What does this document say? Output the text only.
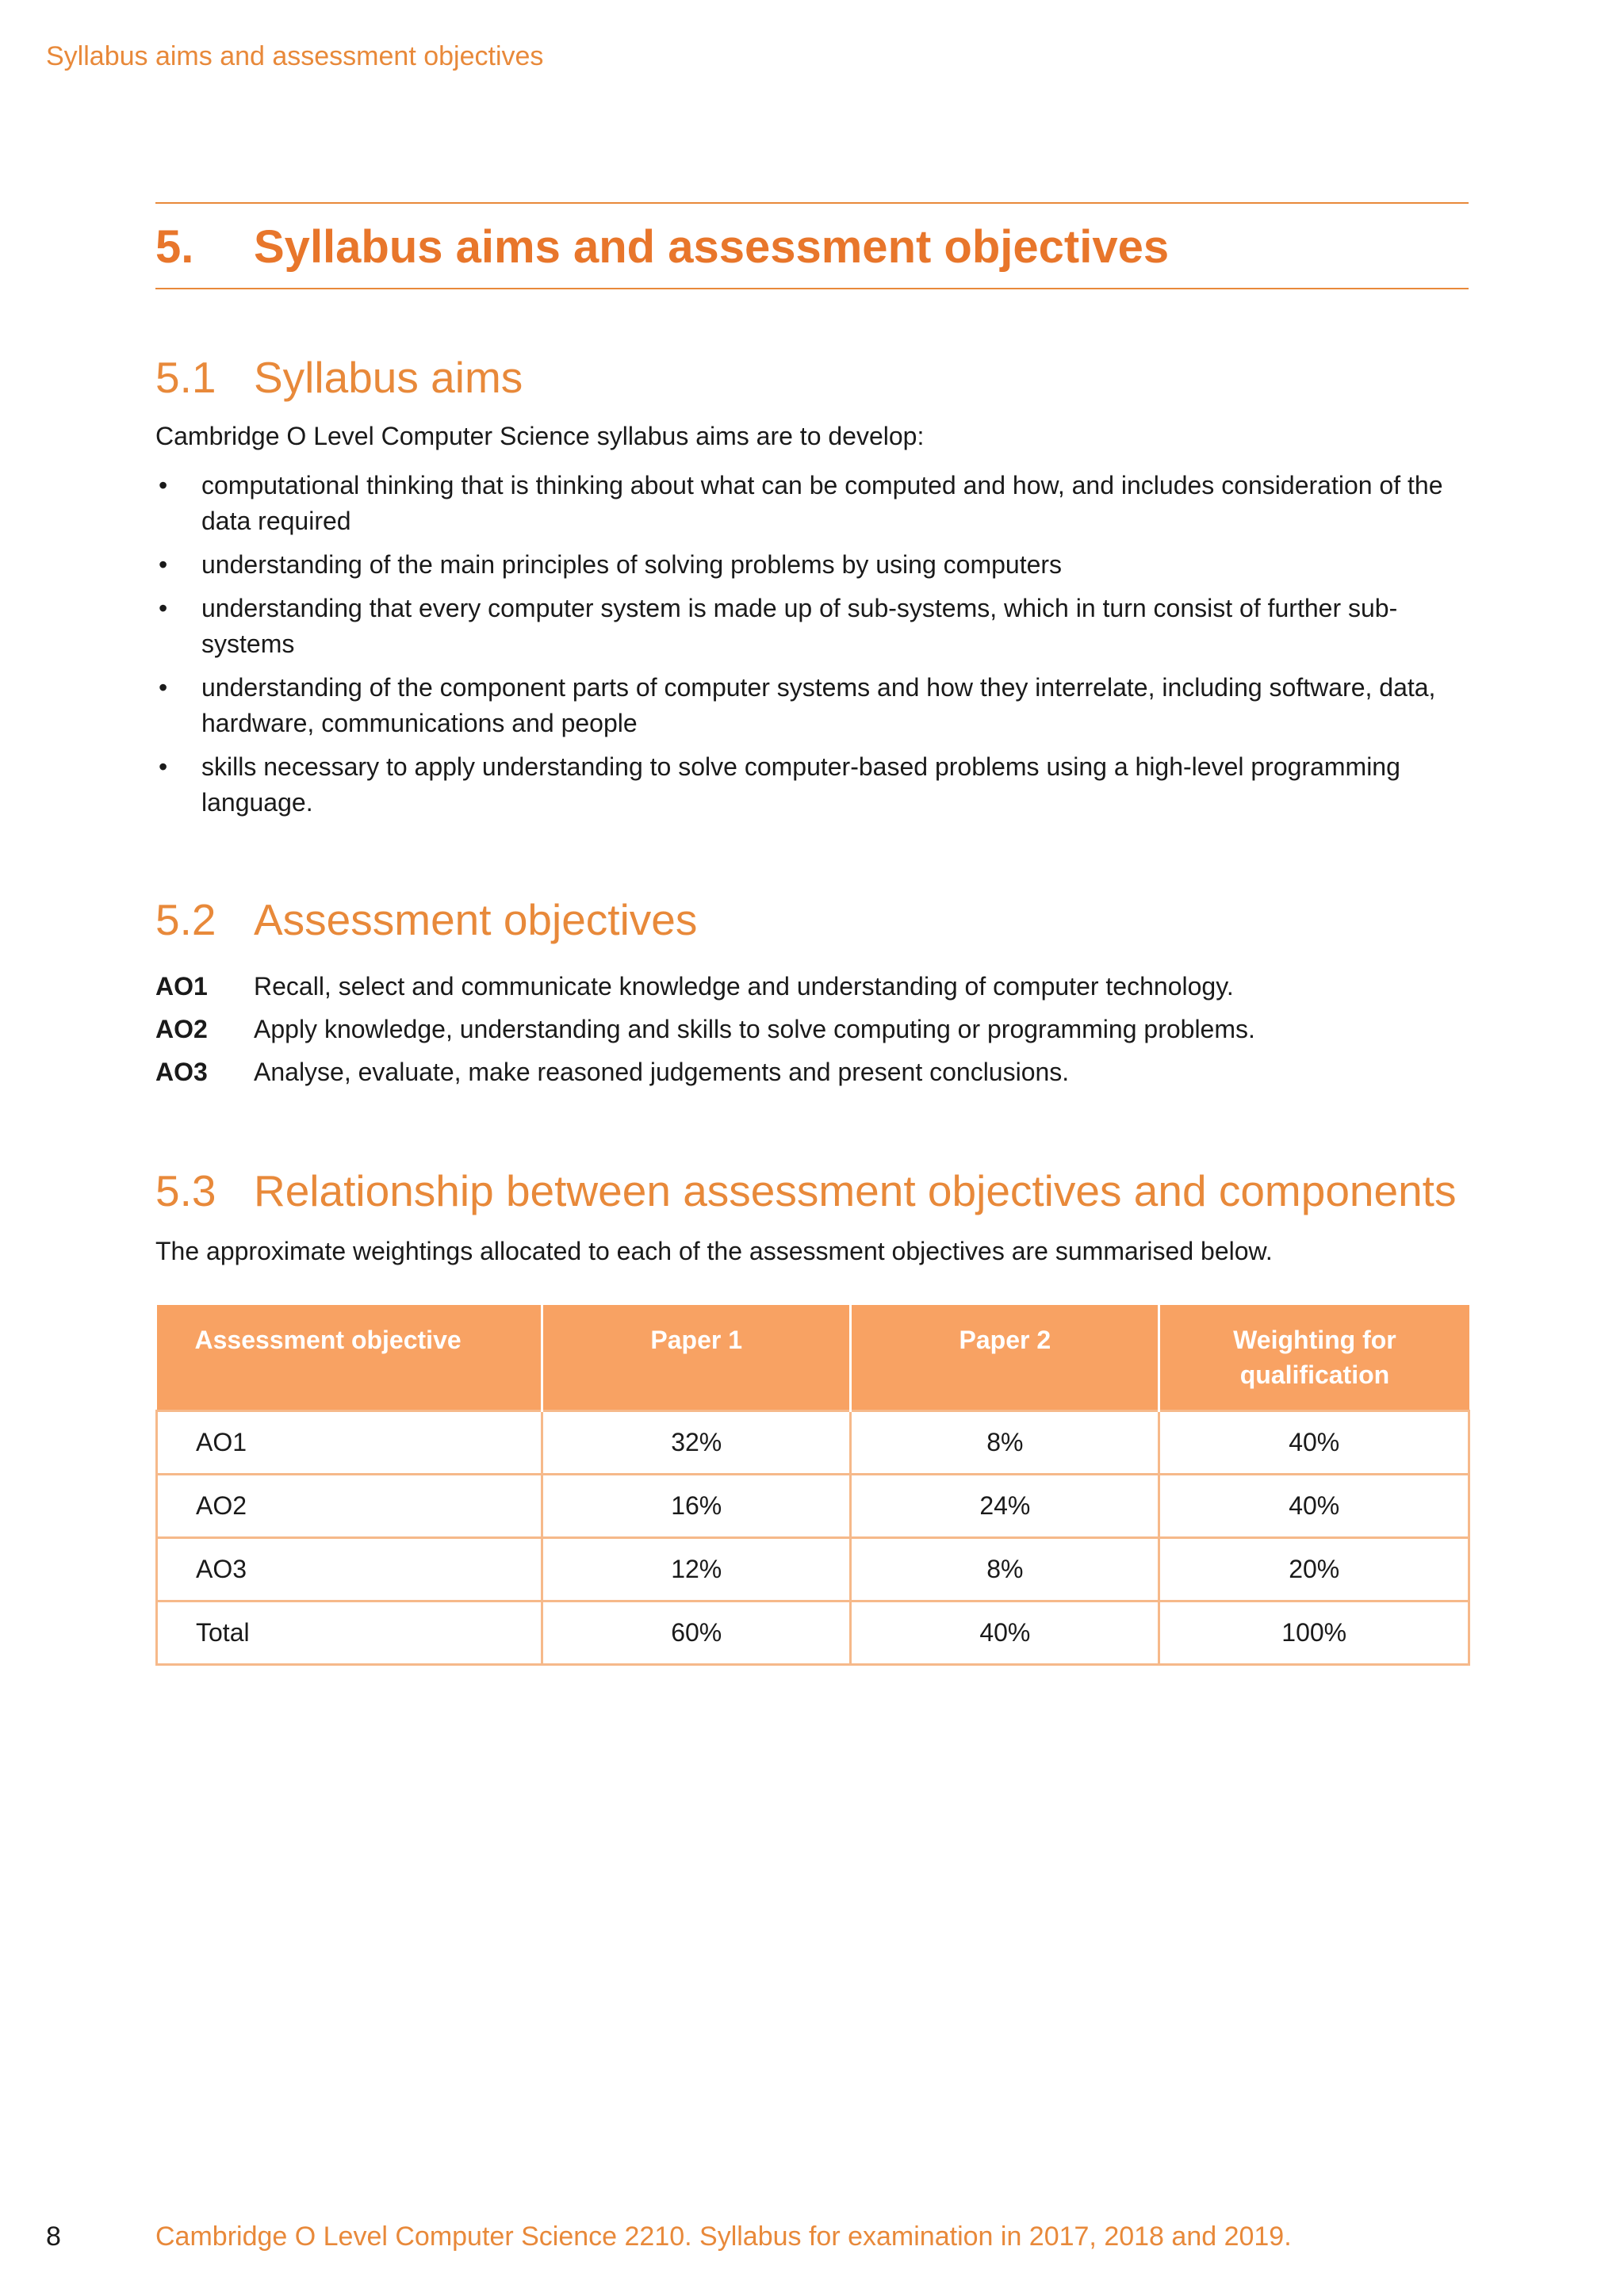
Syllabus aims and assessment objectives
5. Syllabus aims and assessment objectives
5.1 Syllabus aims

Cambridge O Level Computer Science syllabus aims are to develop:

• computational thinking that is thinking about what can be computed and how, and includes consideration of the data required
• understanding of the main principles of solving problems by using computers
• understanding that every computer system is made up of sub-systems, which in turn consist of further sub-systems
• understanding of the component parts of computer systems and how they interrelate, including software, data, hardware, communications and people
• skills necessary to apply understanding to solve computer-based problems using a high-level programming language.
5.2 Assessment objectives
AO1	Recall, select and communicate knowledge and understanding of computer technology.
AO2	Apply knowledge, understanding and skills to solve computing or programming problems.
AO3	Analyse, evaluate, make reasoned judgements and present conclusions.
5.3 Relationship between assessment objectives and components

The approximate weightings allocated to each of the assessment objectives are summarised below.

Assessment objective	Paper 1	Paper 2	Weighting for qualification
AO1	32%	8%	40%
AO2	16%	24%	40%
AO3	12%	8%	20%
Total	60%	40%	100%
8	Cambridge O Level Computer Science 2210. Syllabus for examination in 2017, 2018 and 2019.
